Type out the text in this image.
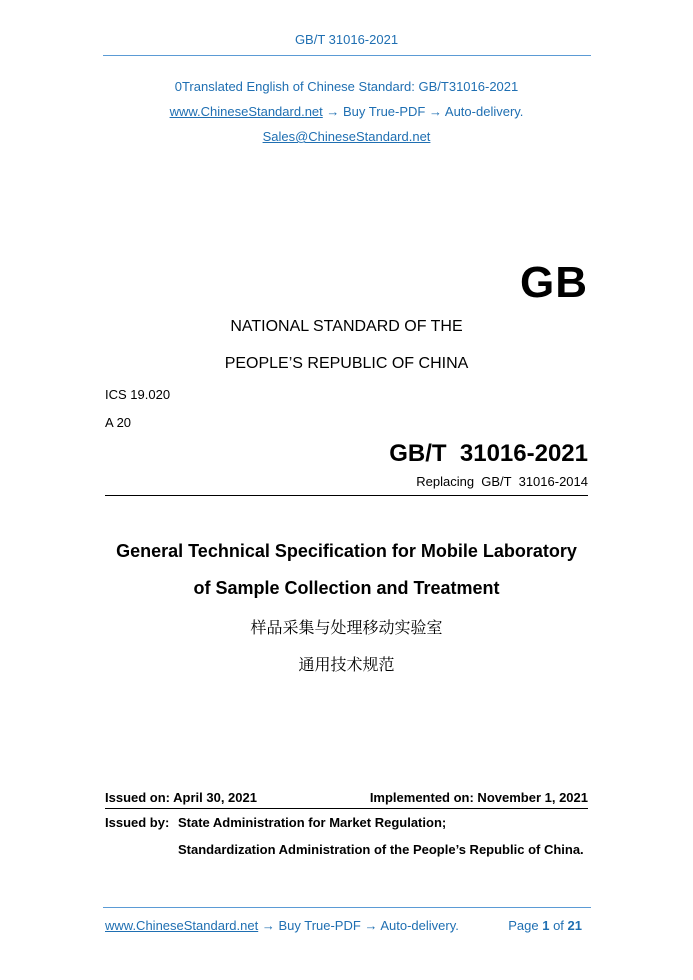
GB/T 31016-2021
0Translated English of Chinese Standard: GB/T31016-2021
www.ChineseStandard.net → Buy True-PDF → Auto-delivery.
Sales@ChineseStandard.net
GB
NATIONAL STANDARD OF THE
PEOPLE’S REPUBLIC OF CHINA
ICS 19.020
A 20
GB/T  31016-2021
Replacing  GB/T  31016-2014
General Technical Specification for Mobile Laboratory
of Sample Collection and Treatment
样品采集与处理移动实验室
通用技术规范
Issued on: April 30, 2021	Implemented on: November 1, 2021
Issued by: State Administration for Market Regulation;
Standardization Administration of the People’s Republic of China.
www.ChineseStandard.net → Buy True-PDF → Auto-delivery.	Page 1 of 21
